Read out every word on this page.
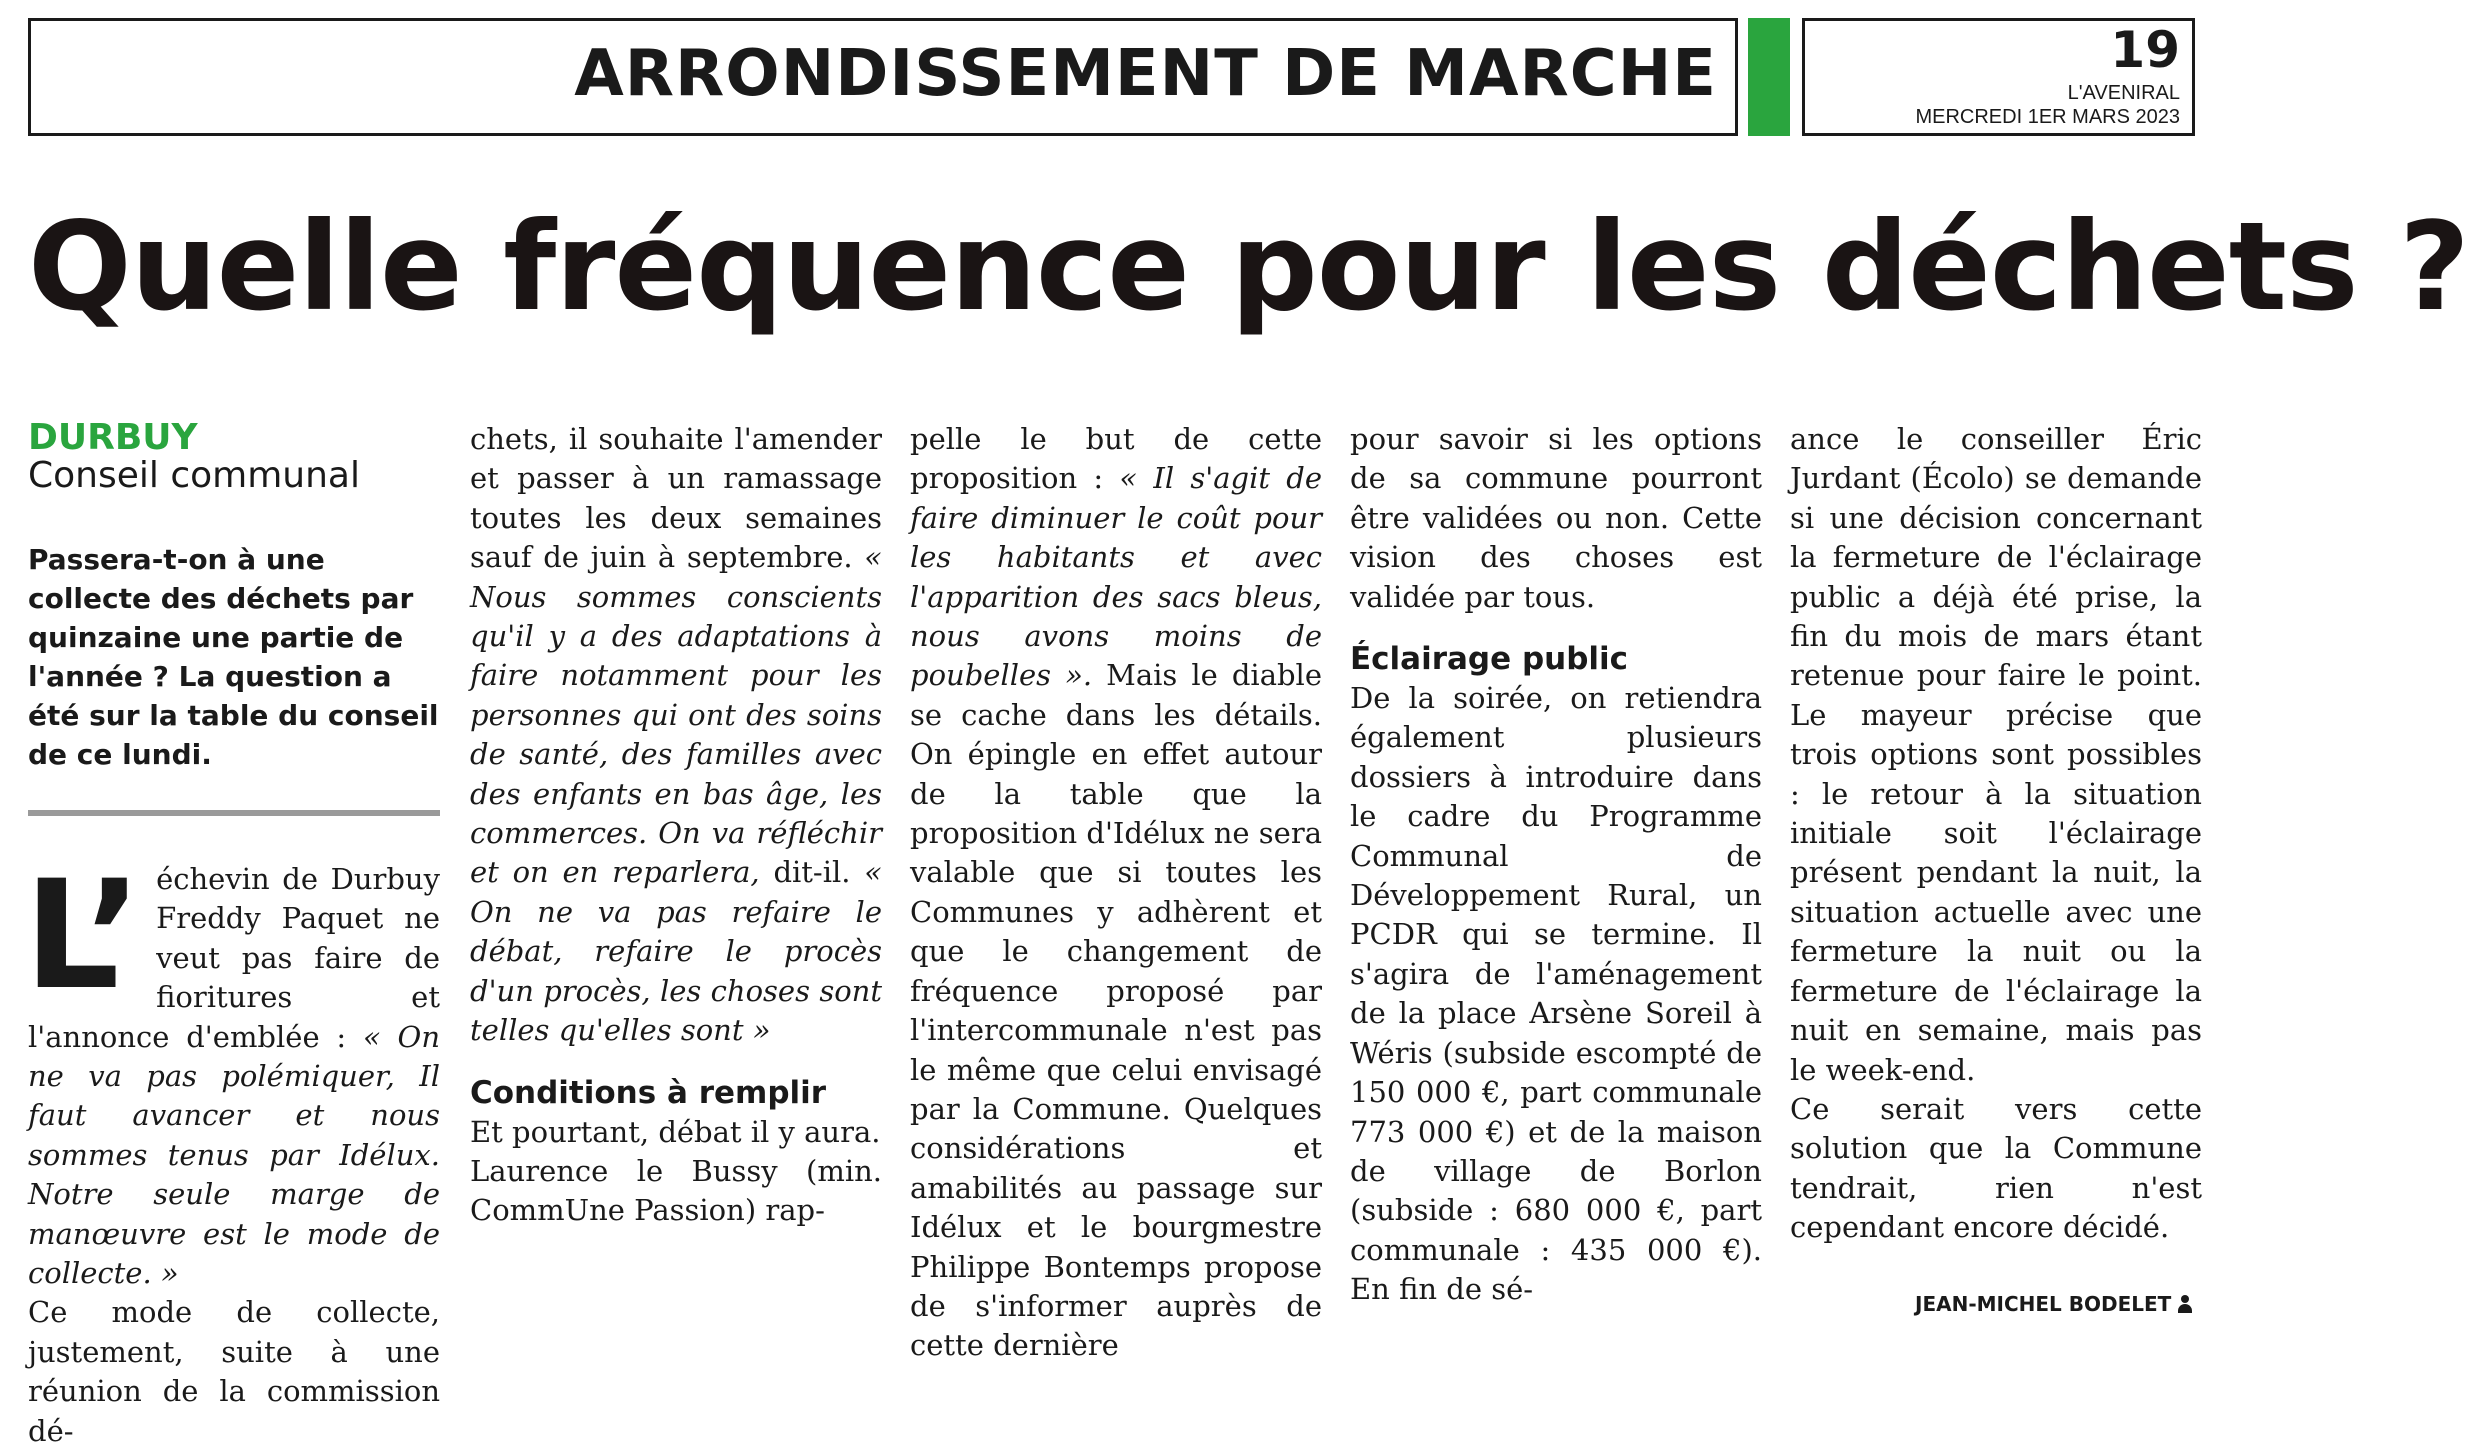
ARRONDISSEMENT DE MARCHE	19
L'AVENIRAL
MERCREDI 1ER MARS 2023
Quelle fréquence pour les déchets ?
DURBUY
Conseil communal

Passera-t-on à une collecte des déchets par quinzaine une partie de l'année ? La question a été sur la table du conseil de ce lundi.

L’ échevin de Durbuy Freddy Paquet ne veut pas faire de fioritures et l'annonce d'emblée : « On ne va pas polémiquer, Il faut avancer et nous sommes tenus par Idélux. Notre seule marge de manœuvre est le mode de collecte. »

Ce mode de collecte, justement, suite à une réunion de la commission dé-

chets, il souhaite l'amender et passer à un ramassage toutes les deux semaines sauf de juin à septembre. « Nous sommes conscients qu'il y a des adaptations à faire notamment pour les personnes qui ont des soins de santé, des familles avec des enfants en bas âge, les commerces. On va réfléchir et on en reparlera, dit-il. « On ne va pas refaire le débat, refaire le procès d'un procès, les choses sont telles qu'elles sont »

Conditions à remplir

Et pourtant, débat il y aura.

Laurence le Bussy (min. CommUne Passion) rap-

pelle le but de cette proposition : « Il s'agit de faire diminuer le coût pour les habitants et avec l'apparition des sacs bleus, nous avons moins de poubelles ». Mais le diable se cache dans les détails. On épingle en effet autour de la table que la proposition d'Idélux ne sera valable que si toutes les Communes y adhèrent et que le changement de fréquence proposé par l'intercommunale n'est pas le même que celui envisagé par la Commune. Quelques considérations et amabilités au passage sur Idélux et le bourgmestre Philippe Bontemps propose de s'informer auprès de cette dernière

pour savoir si les options de sa commune pourront être validées ou non. Cette vision des choses est validée par tous.

Éclairage public

De la soirée, on retiendra également plusieurs dossiers à introduire dans le cadre du Programme Communal de Développement Rural, un PCDR qui se termine. Il s'agira de l'aménagement de la place Arsène Soreil à Wéris (subside escompté de 150 000 €, part communale 773 000 €) et de la maison de village de Borlon (subside : 680 000 €, part communale : 435 000 €). En fin de sé-

ance le conseiller Éric Jurdant (Écolo) se demande si une décision concernant la fermeture de l'éclairage public a déjà été prise, la fin du mois de mars étant retenue pour faire le point. Le mayeur précise que trois options sont possibles : le retour à la situation initiale soit l'éclairage présent pendant la nuit, la situation actuelle avec une fermeture la nuit ou la fermeture de l'éclairage la nuit en semaine, mais pas le week-end.

Ce serait vers cette solution que la Commune tendrait, rien n'est cependant encore décidé.

JEAN-MICHEL BODELET
